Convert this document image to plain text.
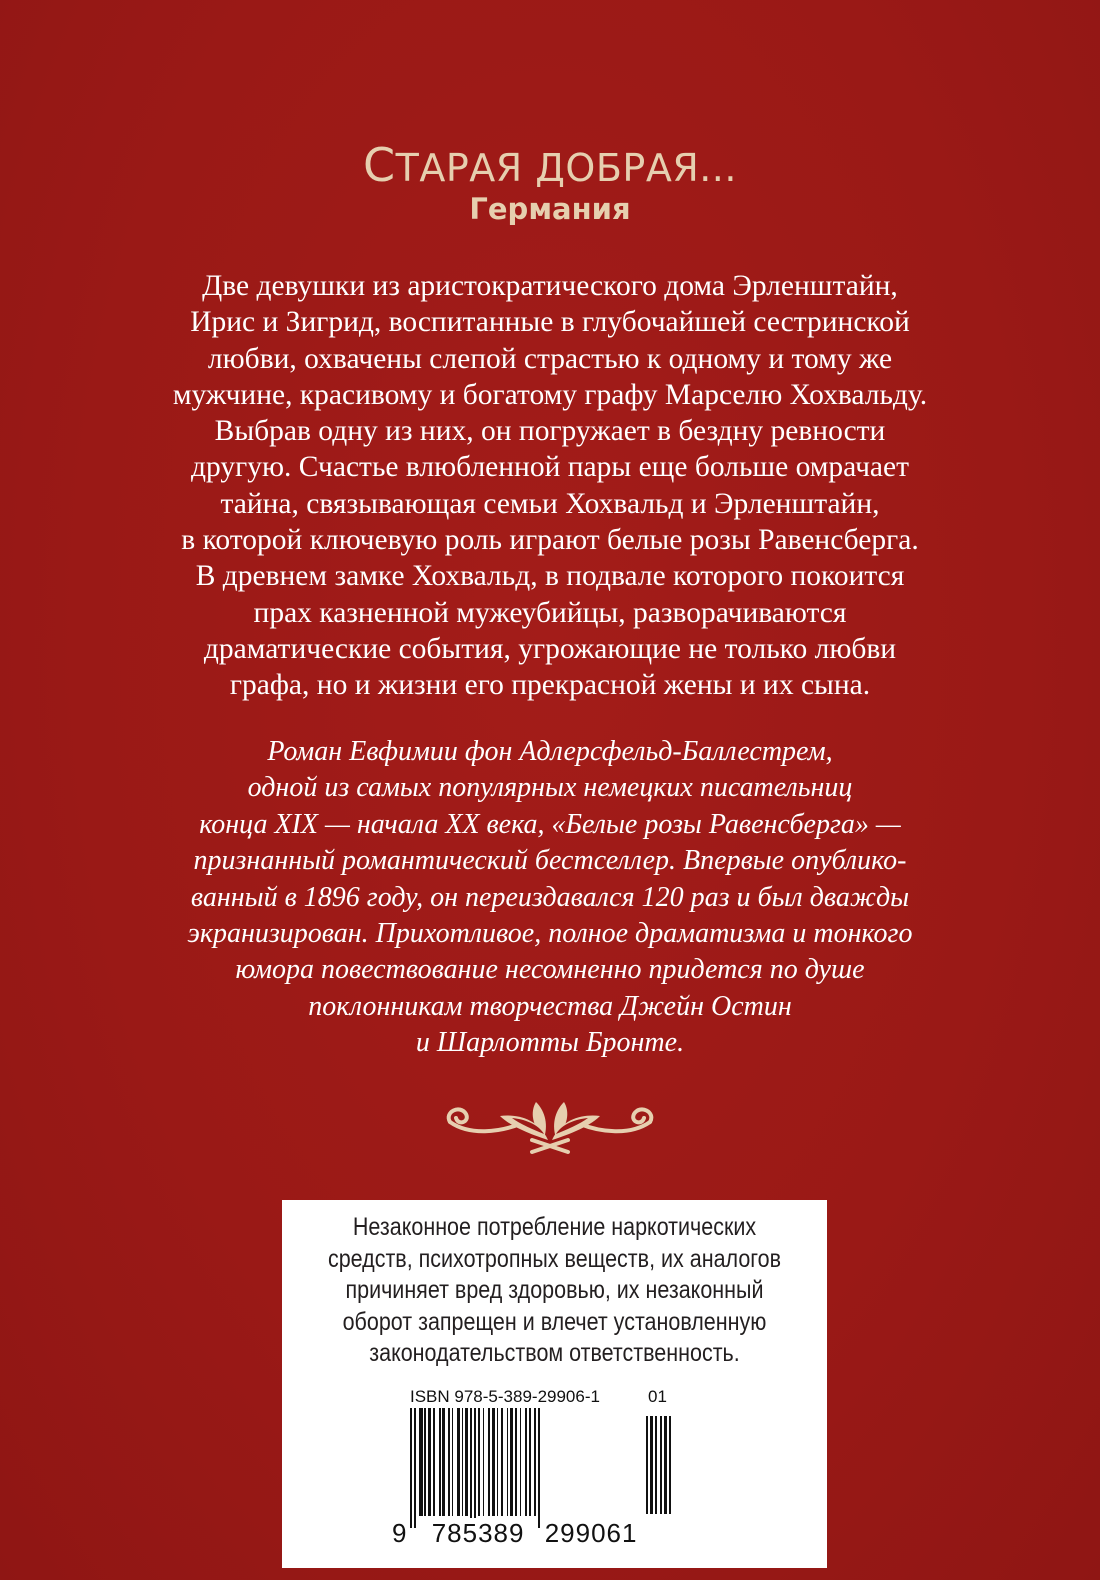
СТАРАЯ ДОБРАЯ...
Германия
Две девушки из аристократического дома Эрленштайн,
Ирис и Зигрид, воспитанные в глубочайшей сестринской
любви, охвачены слепой страстью к одному и тому же
мужчине, красивому и богатому графу Марселю Хохвальду.
Выбрав одну из них, он погружает в бездну ревности
другую. Счастье влюбленной пары еще больше омрачает
тайна, связывающая семьи Хохвальд и Эрленштайн,
в которой ключевую роль играют белые розы Равенсберга.
В древнем замке Хохвальд, в подвале которого покоится
прах казненной мужеубийцы, разворачиваются
драматические события, угрожающие не только любви
графа, но и жизни его прекрасной жены и их сына.
Роман Евфимии фон Адлерсфельд-Баллестрем,
одной из самых популярных немецких писательниц
конца XIX — начала XX века, «Белые розы Равенсберга» —
признанный романтический бестселлер. Впервые опублико-
ванный в 1896 году, он переиздавался 120 раз и был дважды
экранизирован. Прихотливое, полное драматизма и тонкого
юмора повествование несомненно придется по душе
поклонникам творчества Джейн Остин
и Шарлотты Бронте.
Незаконное потребление наркотических
средств, психотропных веществ, их аналогов
причиняет вред здоровью, их незаконный
оборот запрещен и влечет установленную
законодательством ответственность.
ISBN 978-5-389-29906-1	01
9 785389 299061
